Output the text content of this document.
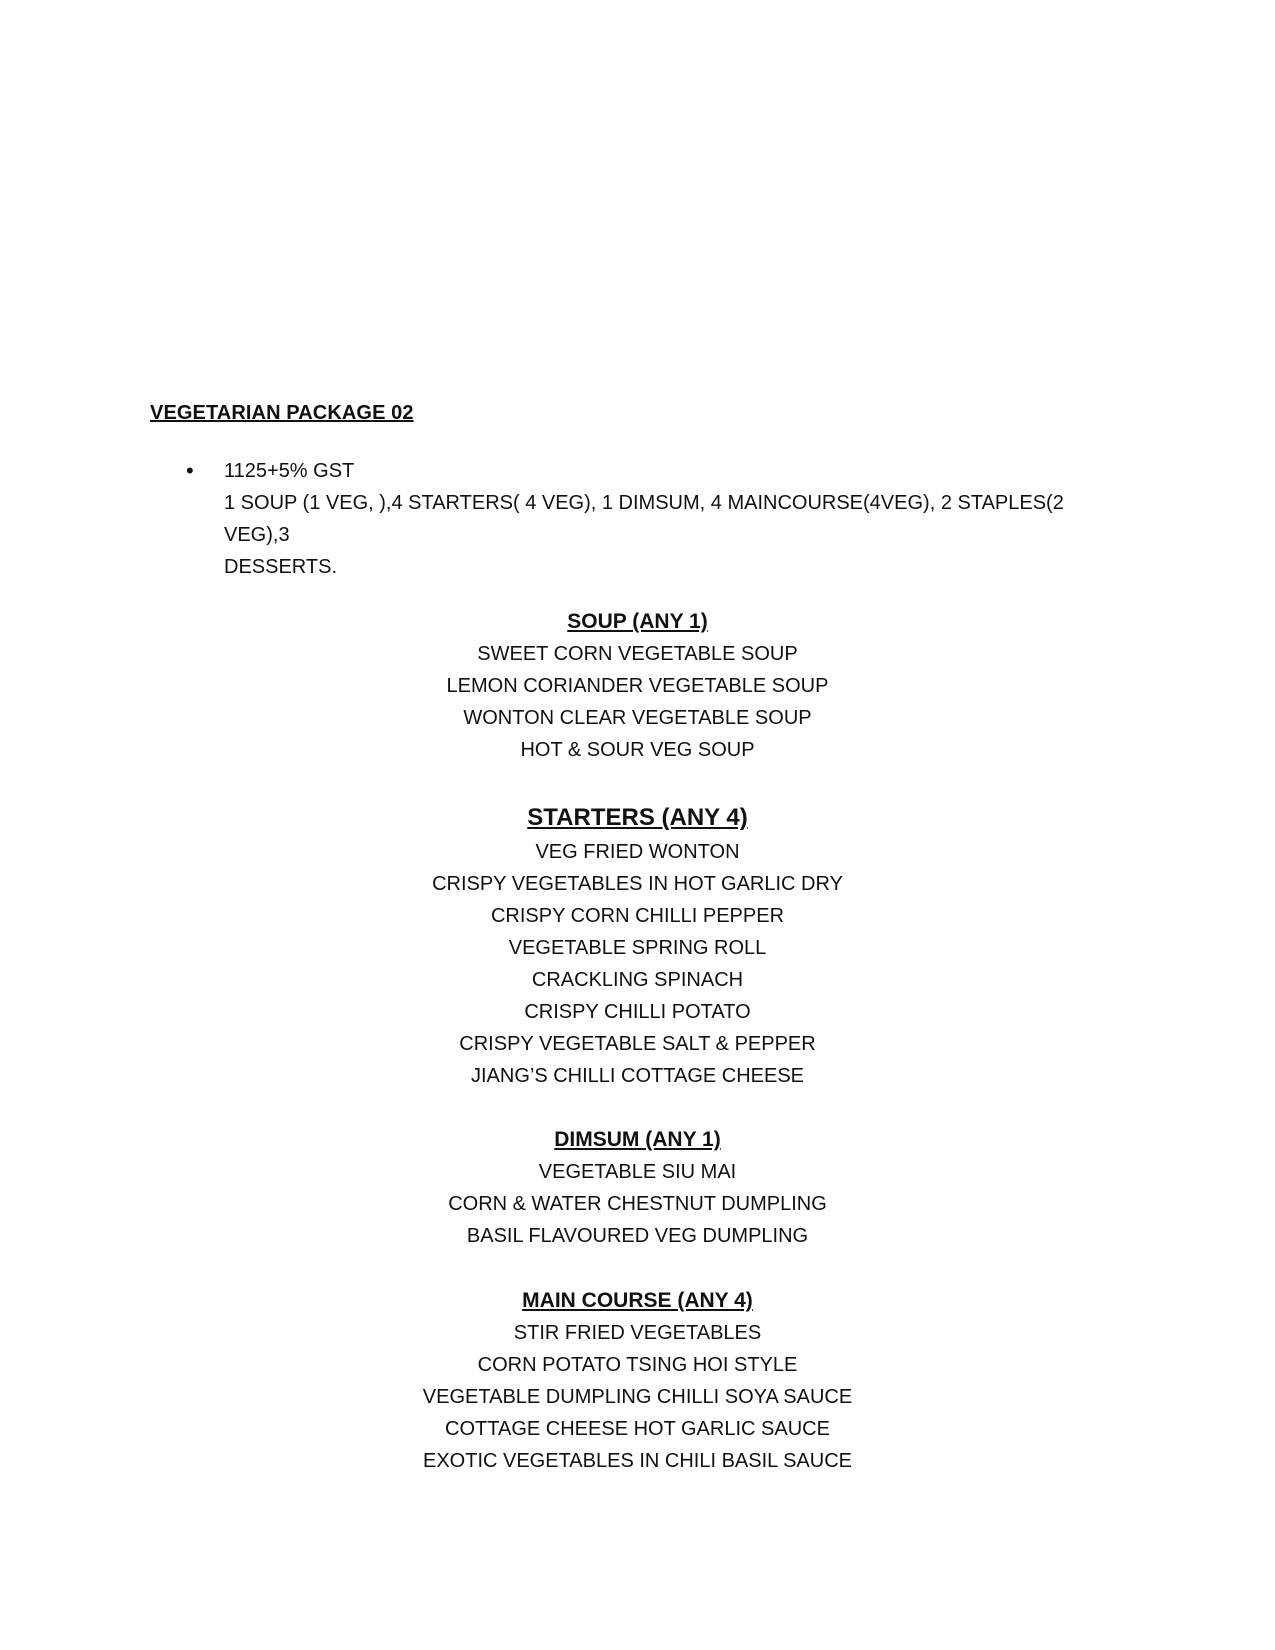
VEGETARIAN PACKAGE 02
• 1125+5% GST
1 SOUP (1 VEG, ),4 STARTERS( 4 VEG), 1 DIMSUM, 4 MAINCOURSE(4VEG), 2 STAPLES(2 VEG),3
DESSERTS.
SOUP (ANY 1)
SWEET CORN VEGETABLE SOUP
LEMON CORIANDER VEGETABLE SOUP
WONTON CLEAR VEGETABLE SOUP
HOT & SOUR VEG SOUP
STARTERS (ANY 4)
VEG FRIED WONTON
CRISPY VEGETABLES IN HOT GARLIC DRY
CRISPY CORN CHILLI PEPPER
VEGETABLE SPRING ROLL
CRACKLING SPINACH
CRISPY CHILLI POTATO
CRISPY VEGETABLE SALT & PEPPER
JIANG’S CHILLI COTTAGE CHEESE
DIMSUM (ANY 1)
VEGETABLE SIU MAI
CORN & WATER CHESTNUT DUMPLING
BASIL FLAVOURED VEG DUMPLING
MAIN COURSE (ANY 4)
STIR FRIED VEGETABLES
CORN POTATO TSING HOI STYLE
VEGETABLE DUMPLING CHILLI SOYA SAUCE
COTTAGE CHEESE HOT GARLIC SAUCE
EXOTIC VEGETABLES IN CHILI BASIL SAUCE
